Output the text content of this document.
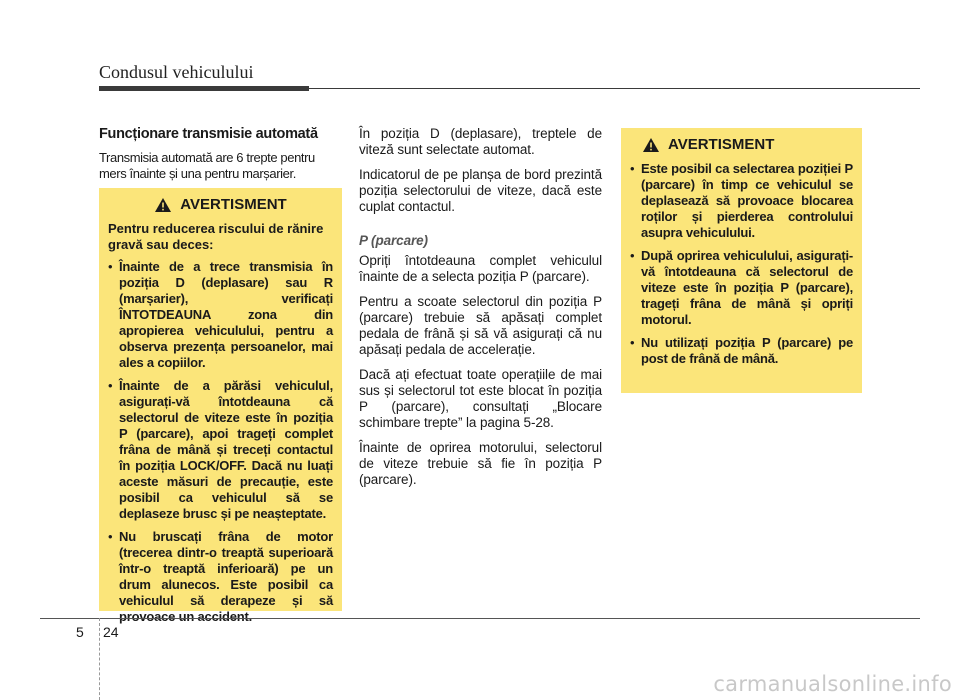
Condusul vehiculului
Funcționare transmisie automată
Transmisia automată are 6 trepte pentru mers înainte și una pentru marșarier.
AVERTISMENT

Pentru reducerea riscului de rănire gravă sau deces:

• Înainte de a trece transmisia în poziția D (deplasare) sau R (marșarier), verificați ÎNTOTDEAUNA zona din apropierea vehiculului, pentru a observa prezența persoanelor, mai ales a copiilor.
• Înainte de a părăsi vehiculul, asigurați-vă întotdeauna că selectorul de viteze este în poziția P (parcare), apoi trageți complet frâna de mână și treceți contactul în poziția LOCK/OFF. Dacă nu luați aceste măsuri de precauție, este posibil ca vehiculul să se deplaseze brusc și pe neașteptate.
• Nu bruscați frâna de motor (trecerea dintr-o treaptă superioară într-o treaptă inferioară) pe un drum alunecos. Este posibil ca vehiculul să derapeze și să provoace un accident.

În poziția D (deplasare), treptele de viteză sunt selectate automat.

Indicatorul de pe planșa de bord prezintă poziția selectorului de viteze, dacă este cuplat contactul.

P (parcare)

Opriți întotdeauna complet vehiculul înainte de a selecta poziția P (parcare).

Pentru a scoate selectorul din poziția P (parcare) trebuie să apăsați complet pedala de frână și să vă asigurați că nu apăsați pedala de accelerație.

Dacă ați efectuat toate operațiile de mai sus și selectorul tot este blocat în poziția P (parcare), consultați „Blocare schimbare trepte” la pagina 5-28.

Înainte de oprirea motorului, selectorul de viteze trebuie să fie în poziția P (parcare).

AVERTISMENT
• Este posibil ca selectarea poziției P (parcare) în timp ce vehiculul se deplasează să provoace blocarea roților și pierderea controlului asupra vehiculului.
• După oprirea vehiculului, asigurați-vă întotdeauna că selectorul de viteze este în poziția P (parcare), trageți frâna de mână și opriți motorul.
• Nu utilizați poziția P (parcare) pe post de frână de mână.
5 24
carmanualsonline.info
